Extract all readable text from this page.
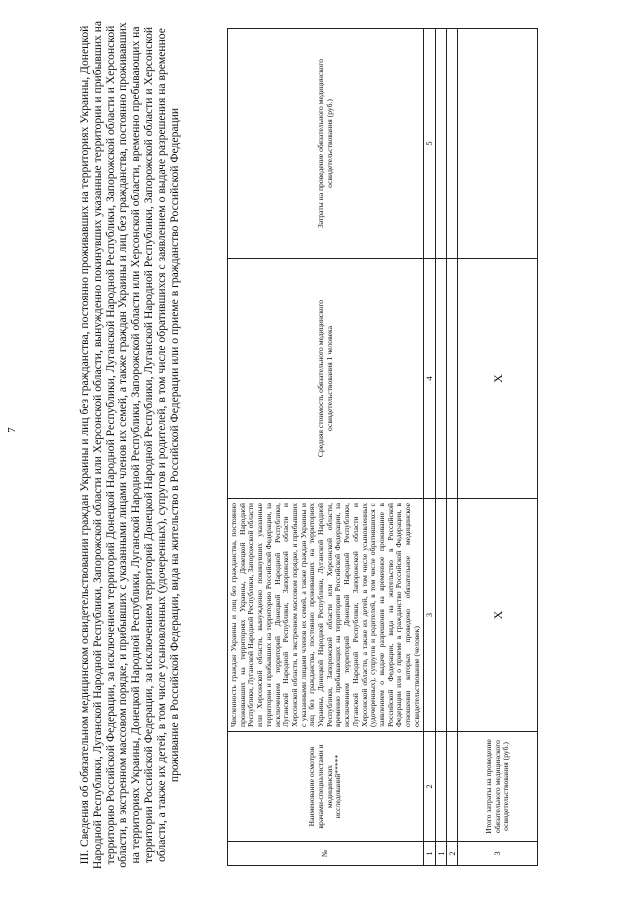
7	III. Сведения об обязательном медицинском освидетельствовании граждан Украины и лиц без гражданства, постоянно проживавших на территориях Украины, Донецкой Народной Республики, Луганской Народной Республики, Запорожской области или Херсонской области, вынужденно покинувших указанные территории и прибывших на территорию Российской Федерации, за исключением территорий Донецкой Народной Республики, Луганской Народной Республики, Запорожской области и Херсонской области, в экстренном массовом порядке, и прибывших с указанными лицами членов их семей, а также граждан Украины и лиц без гражданства, постоянно проживавших на территориях Украины, Донецкой Народной Республики, Луганской Народной Республики, Запорожской области или Херсонской области, временно пребывающих на территории Российской Федерации, за исключением территорий Донецкой Народной Республики, Луганской Народной Республики, Запорожской области и Херсонской области, а также их детей, в том числе усыновленных (удочеренных), супругов и родителей, в том числе обратившихся с заявлением о выдаче разрешения на временное проживание в Российской Федерации, вида на жительство в Российской Федерации или о приеме в гражданство Российской Федерации
№	Наименование осмотров врачами-специалистами и медицинских исследований*****	Численность граждан Украины и лиц без гражданства, постоянно проживавших на территориях Украины, Донецкой Народной Республики, Луганской Народной Республики, Запорожской области или Херсонской области, вынужденно покинувших указанные территории и прибывших на территорию Российской Федерации, за исключением территорий Донецкой Народной Республики, Луганской Народной Республики, Запорожской области и Херсонской области, в экстренном массовом порядке, и прибывших с указанными лицами членов их семей, а также граждан Украины и лиц без гражданства, постоянно проживавших на территориях Украины, Донецкой Народной Республики, Луганской Народной Республики, Запорожской области или Херсонской области, временно пребывающих на территории Российской Федерации, за исключением территорий Донецкой Народной Республики, Луганской Народной Республики, Запорожской области и Херсонской области, а также их детей, в том числе усыновленных (удочеренных), супругов и родителей, в том числе обратившихся с заявлением о выдаче разрешения на временное проживание в Российской Федерации, вида на жительство в Российской Федерации или о приеме в гражданство Российской Федерации, в отношении которых проведено обязательное медицинское освидетельствование (человек)	Средняя стоимость обязательного медицинского освидетельствования 1 человека	Затраты на проведение обязательного медицинского освидетельствования (руб.)
1	2	3	4	5
1				
2				
3	Итого затраты на проведение обязательного медицинского освидетельствования (руб.)	X	X	
